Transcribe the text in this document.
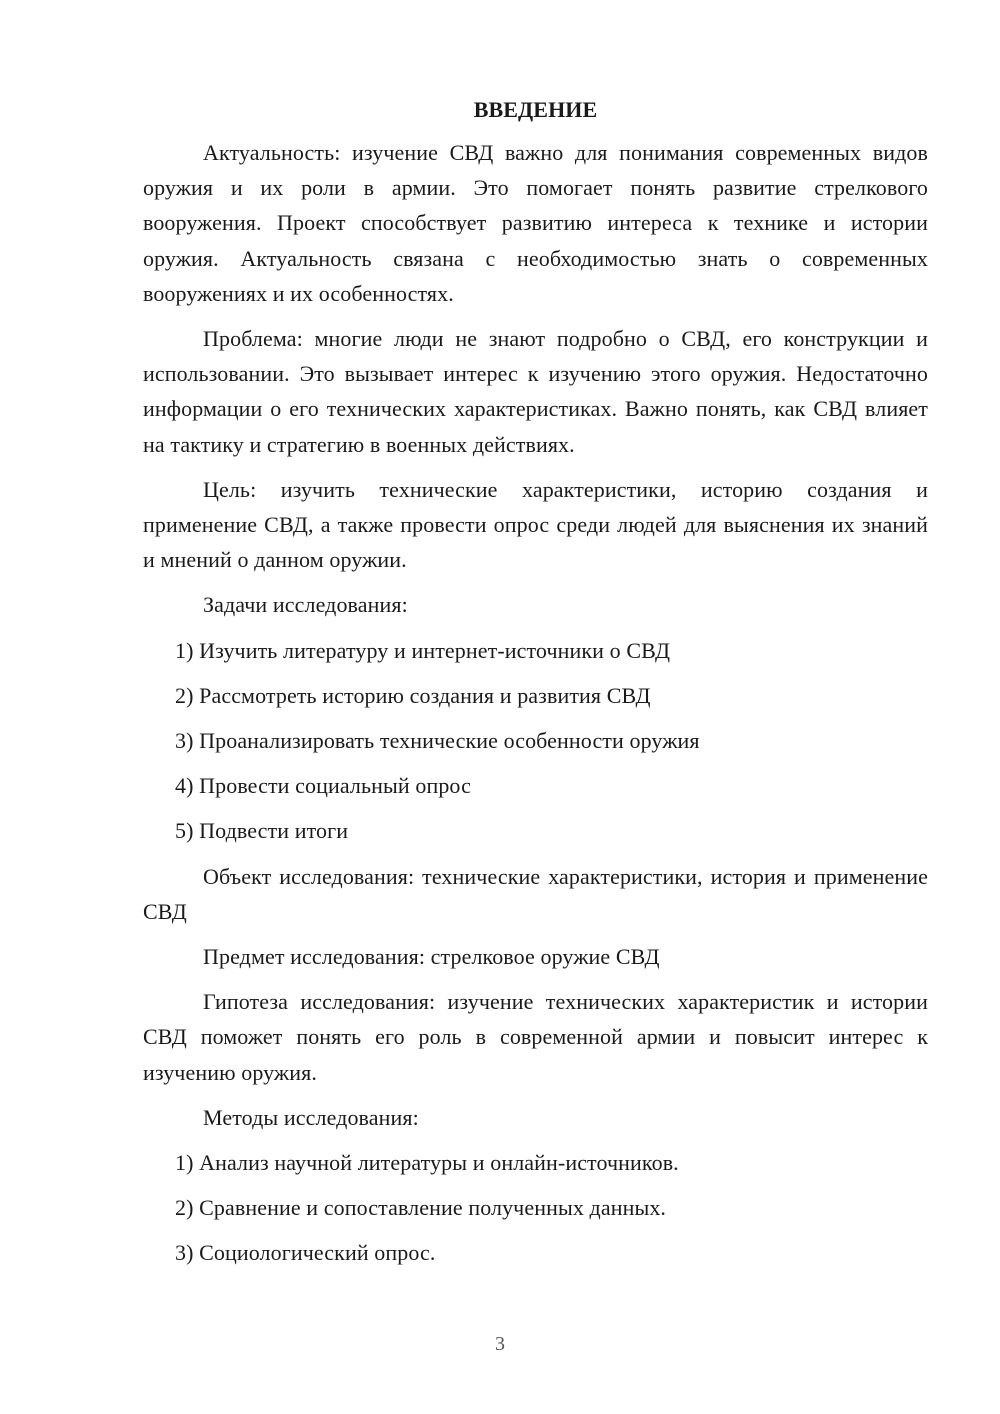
ВВЕДЕНИЕ

Актуальность: изучение СВД важно для понимания современных видов оружия и их роли в армии. Это помогает понять развитие стрелкового вооружения. Проект способствует развитию интереса к технике и истории оружия. Актуальность связана с необходимостью знать о современных вооружениях и их особенностях.

Проблема: многие люди не знают подробно о СВД, его конструкции и использовании. Это вызывает интерес к изучению этого оружия. Недостаточно информации о его технических характеристиках. Важно понять, как СВД влияет на тактику и стратегию в военных действиях.

Цель: изучить технические характеристики, историю создания и применение СВД, а также провести опрос среди людей для выяснения их знаний и мнений о данном оружии.

Задачи исследования:

1) Изучить литературу и интернет-источники о СВД

2) Рассмотреть историю создания и развития СВД

3) Проанализировать технические особенности оружия

4) Провести социальный опрос

5) Подвести итоги

Объект исследования: технические характеристики, история и применение СВД

Предмет исследования: стрелковое оружие СВД

Гипотеза исследования: изучение технических характеристик и истории СВД поможет понять его роль в современной армии и повысит интерес к изучению оружия.

Методы исследования:

1) Анализ научной литературы и онлайн-источников.

2) Сравнение и сопоставление полученных данных.

3) Социологический опрос.

3
